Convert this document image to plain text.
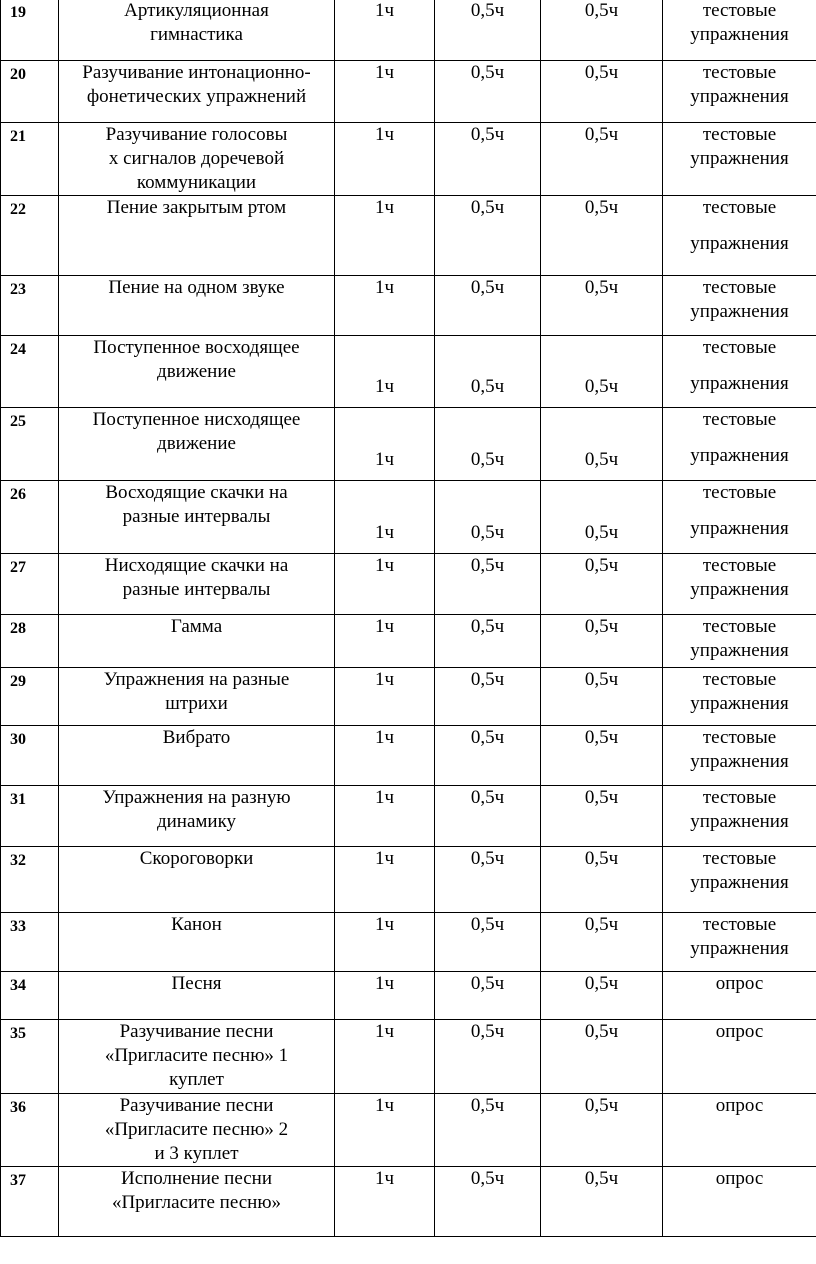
19	Артикуляционная
гимнастика	1ч	0,5ч	0,5ч	тестовые
упражнения

20	Разучивание интонационно-
фонетических упражнений	1ч	0,5ч	0,5ч	тестовые
упражнения

21	Разучивание голосовы
х сигналов доречевой
коммуникации	1ч	0,5ч	0,5ч	тестовые
упражнения

22	Пение закрытым ртом	1ч	0,5ч	0,5ч	тестовые
упражнения

23	Пение на одном звуке	1ч	0,5ч	0,5ч	тестовые
упражнения

24	Поступенное восходящее
движение	1ч	0,5ч	0,5ч	тестовые
упражнения

25	Поступенное нисходящее
движение	1ч	0,5ч	0,5ч	тестовые
упражнения

26	Восходящие скачки на
разные интервалы	1ч	0,5ч	0,5ч	тестовые
упражнения

27	Нисходящие скачки на
разные интервалы	1ч	0,5ч	0,5ч	тестовые
упражнения

28	Гамма	1ч	0,5ч	0,5ч	тестовые
упражнения

29	Упражнения на разные
штрихи	1ч	0,5ч	0,5ч	тестовые
упражнения

30	Вибрато	1ч	0,5ч	0,5ч	тестовые
упражнения

31	Упражнения на разную
динамику	1ч	0,5ч	0,5ч	тестовые
упражнения

32	Скороговорки	1ч	0,5ч	0,5ч	тестовые
упражнения

33	Канон	1ч	0,5ч	0,5ч	тестовые
упражнения

34	Песня	1ч	0,5ч	0,5ч	опрос
35	Разучивание песни
«Пригласите песню» 1
куплет	1ч	0,5ч	0,5ч	опрос
36	Разучивание песни
«Пригласите песню» 2
и 3 куплет	1ч	0,5ч	0,5ч	опрос
37	Исполнение песни
«Пригласите песню»	1ч	0,5ч	0,5ч	опрос
